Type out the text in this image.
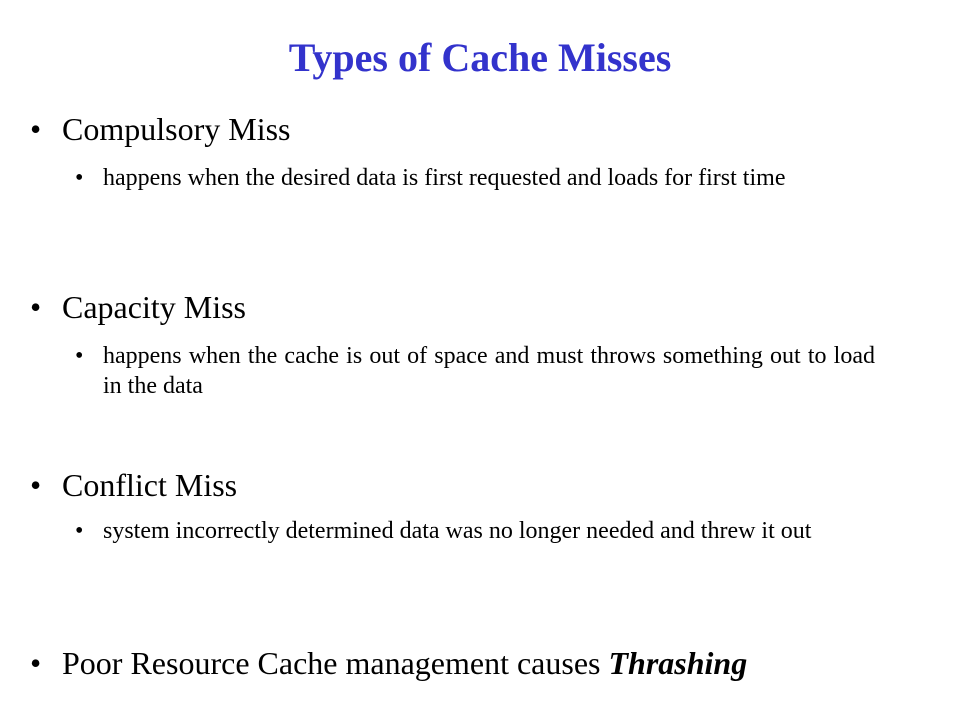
Types of Cache Misses
• Compulsory Miss
• happens when the desired data is first requested and loads for first time
• Capacity Miss
• happens when the cache is out of space and must throws something out to load in the data
• Conflict Miss
• system incorrectly determined data was no longer needed and threw it out
• Poor Resource Cache management causes Thrashing
